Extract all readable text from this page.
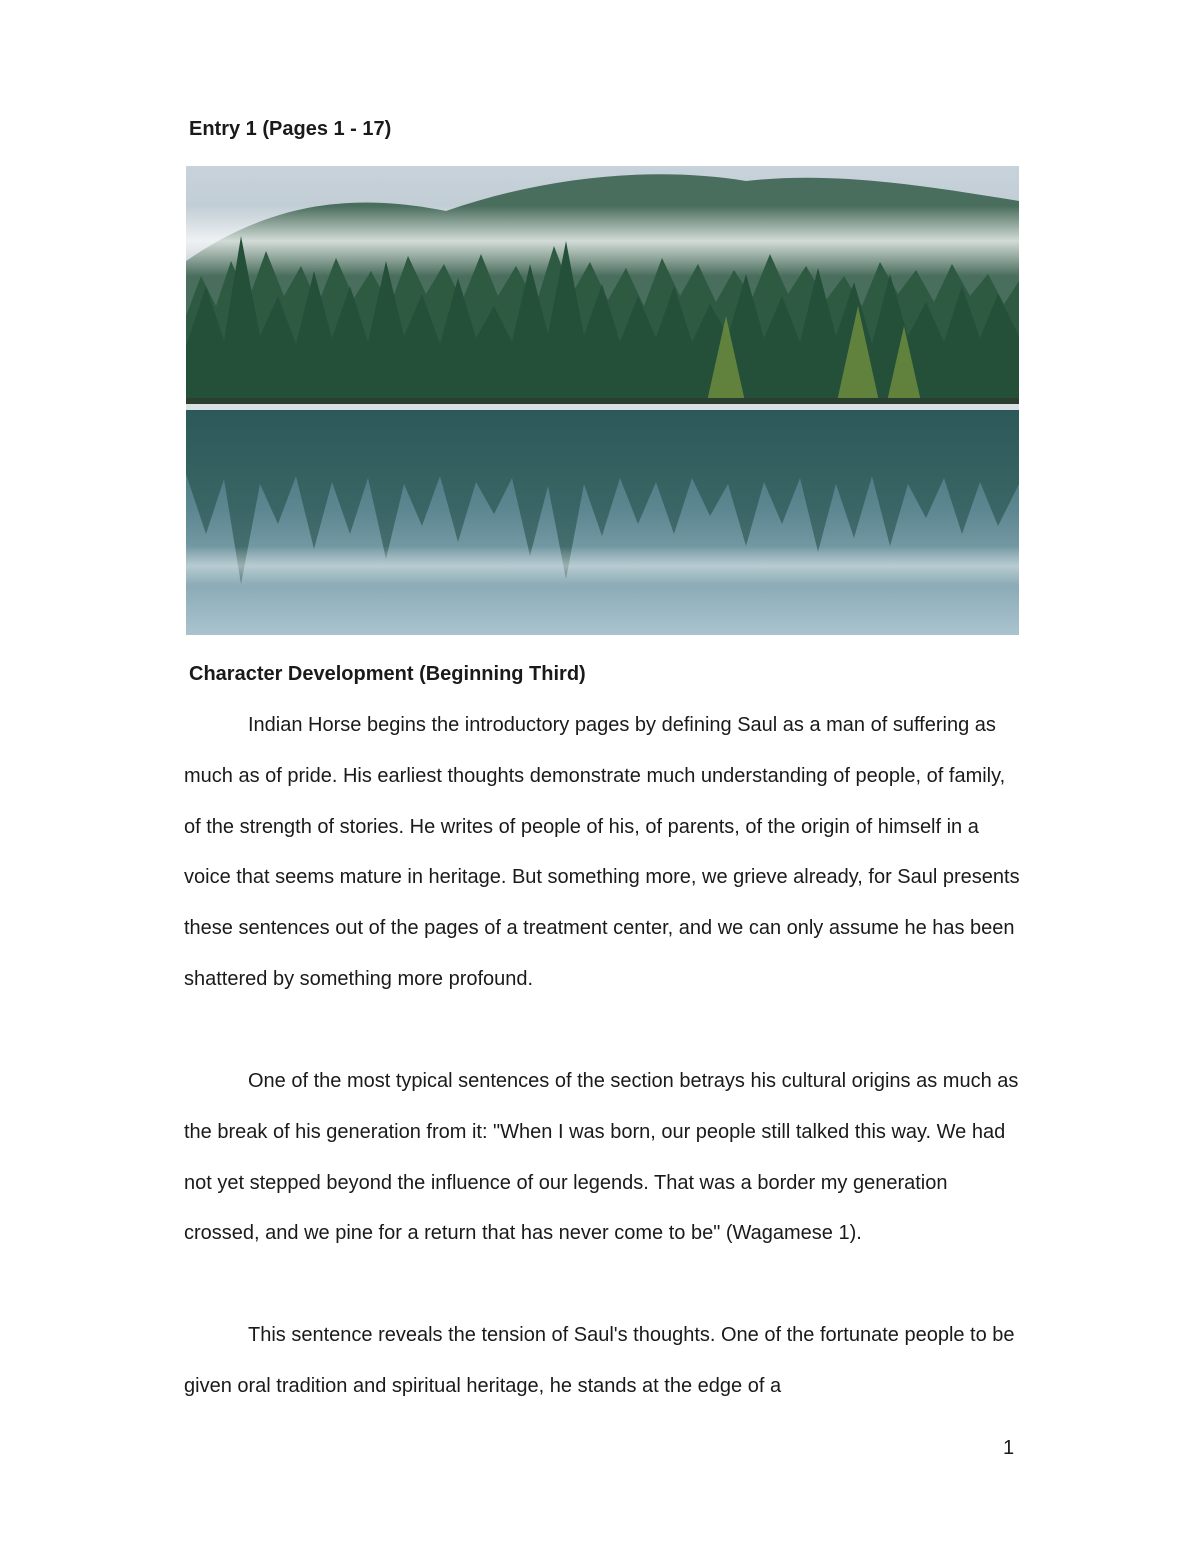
Entry 1 (Pages 1 - 17)
Character Development (Beginning Third)

Indian Horse begins the introductory pages by defining Saul as a man of suffering as much as of pride. His earliest thoughts demonstrate much understanding of people, of family, of the strength of stories. He writes of people of his, of parents, of the origin of himself in a voice that seems mature in heritage. But something more, we grieve already, for Saul presents these sentences out of the pages of a treatment center, and we can only assume he has been shattered by something more profound.

One of the most typical sentences of the section betrays his cultural origins as much as the break of his generation from it: "When I was born, our people still talked this way. We had not yet stepped beyond the influence of our legends. That was a border my generation crossed, and we pine for a return that has never come to be" (Wagamese 1).

This sentence reveals the tension of Saul's thoughts. One of the fortunate people to be given oral tradition and spiritual heritage, he stands at the edge of a

1
